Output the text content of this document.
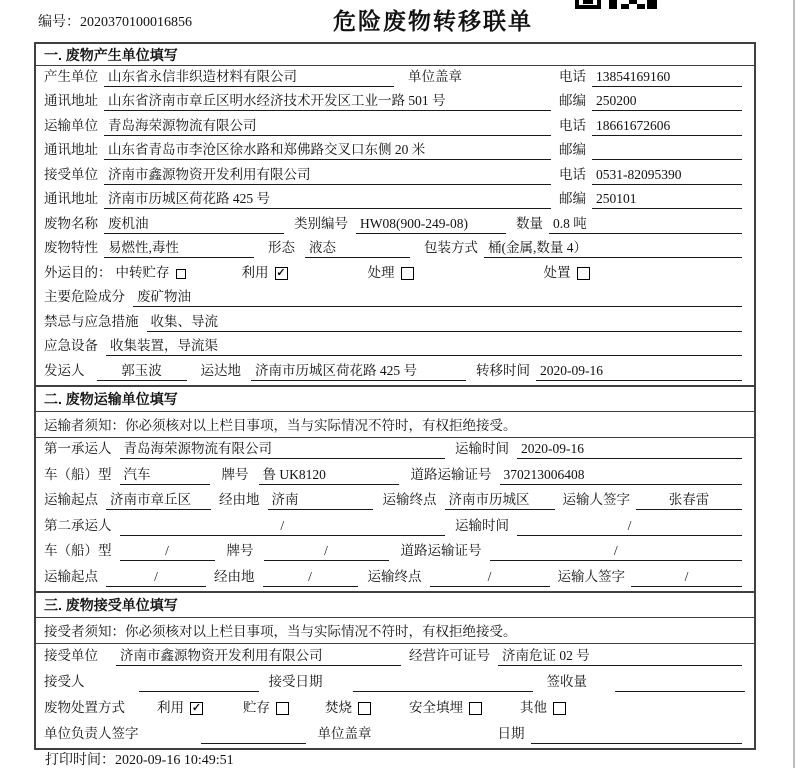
编号：2020370100016856	危险废物转移联单
一. 废物产生单位填写
产生单位 山东省永信非织造材料有限公司	单位盖章	电话 13854169160
通讯地址 山东省济南市章丘区明水经济技术开发区工业一路 501 号	邮编 250200
运输单位 青岛海荣源物流有限公司	电话 18661672606
通讯地址 山东省青岛市李沧区徐水路和郑佛路交叉口东侧 20 米	邮编
接受单位 济南市鑫源物资开发利用有限公司	电话 0531-82095390
通讯地址 济南市历城区荷花路 425 号	邮编 250101
废物名称 废机油	类别编号 HW08(900-249-08)	数量 0.8 吨
废物特性 易燃性,毒性	形态 液态	包装方式 桶(金属,数量 4）
外运目的： 中转贮存	利用 ✓	处理	处置
主要危险成分 废矿物油
禁忌与应急措施 收集、导流
应急设备 收集装置，导流渠
发运人	郭玉波	运达地 济南市历城区荷花路 425 号	转移时间 2020-09-16
二. 废物运输单位填写
运输者须知：你必须核对以上栏目事项，当与实际情况不符时，有权拒绝接受。
第一承运人 青岛海荣源物流有限公司	运输时间 2020-09-16
车（船）型 汽车	牌号 鲁 UK8120	道路运输证号 370213006408
运输起点 济南市章丘区	经由地 济南	运输终点 济南市历城区	运输人签字	张春雷
第二承运人	/	运输时间	/
车（船）型	/	牌号	/	道路运输证号	/
运输起点	/	经由地	/	运输终点	/	运输人签字	/
三. 废物接受单位填写
接受者须知：你必须核对以上栏目事项，当与实际情况不符时，有权拒绝接受。
接受单位 济南市鑫源物资开发利用有限公司	经营许可证号 济南危证 02 号
接受人	接受日期	签收量
废物处置方式 利用 ✓	贮存	焚烧	安全填埋	其他
单位负责人签字	单位盖章	日期
打印时间：2020-09-16 10:49:51
